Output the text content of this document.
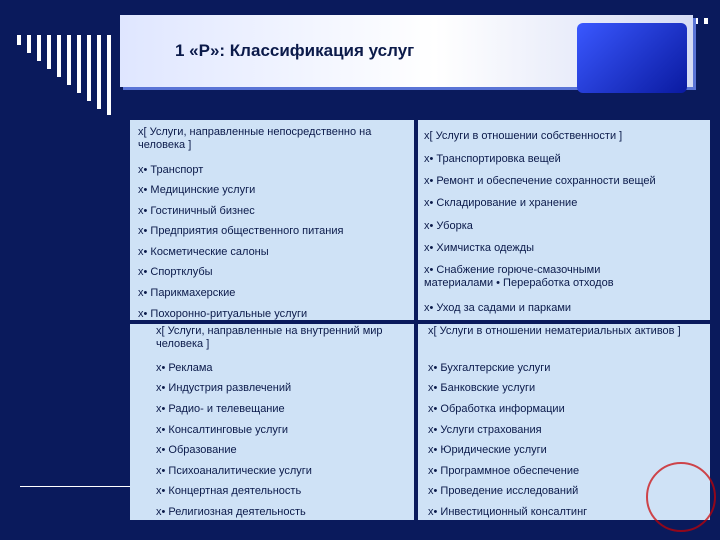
1 «Р»: Классификация услуг
x[ Услуги, направленные непосредственно на человека ]
x• Транспорт
x• Медицинские услуги
x• Гостиничный бизнес
x• Предприятия общественного питания
x• Косметические салоны
x• Спортклубы
x• Парикмахерские
x• Похоронно-ритуальные услуги
x[ Услуги в отношении собственности ]
x• Транспортировка вещей
x• Ремонт и обеспечение сохранности вещей
x• Складирование и хранение
x• Уборка
x• Химчистка одежды
x• Снабжение горюче-смазочными материалами • Переработка отходов
x• Уход за садами и парками
x[ Услуги, направленные на внутренний мир человека ]
x• Реклама
x• Индустрия развлечений
x• Радио- и телевещание
x• Консалтинговые услуги
x• Образование
x• Психоаналитические услуги
x• Концертная деятельность
x• Религиозная деятельность
x[ Услуги в отношении нематериальных активов ]
x• Бухгалтерские услуги
x• Банковские услуги
x• Обработка информации
x• Услуги страхования
x• Юридические услуги
x• Программное обеспечение
x• Проведение исследований
x• Инвестиционный консалтинг
